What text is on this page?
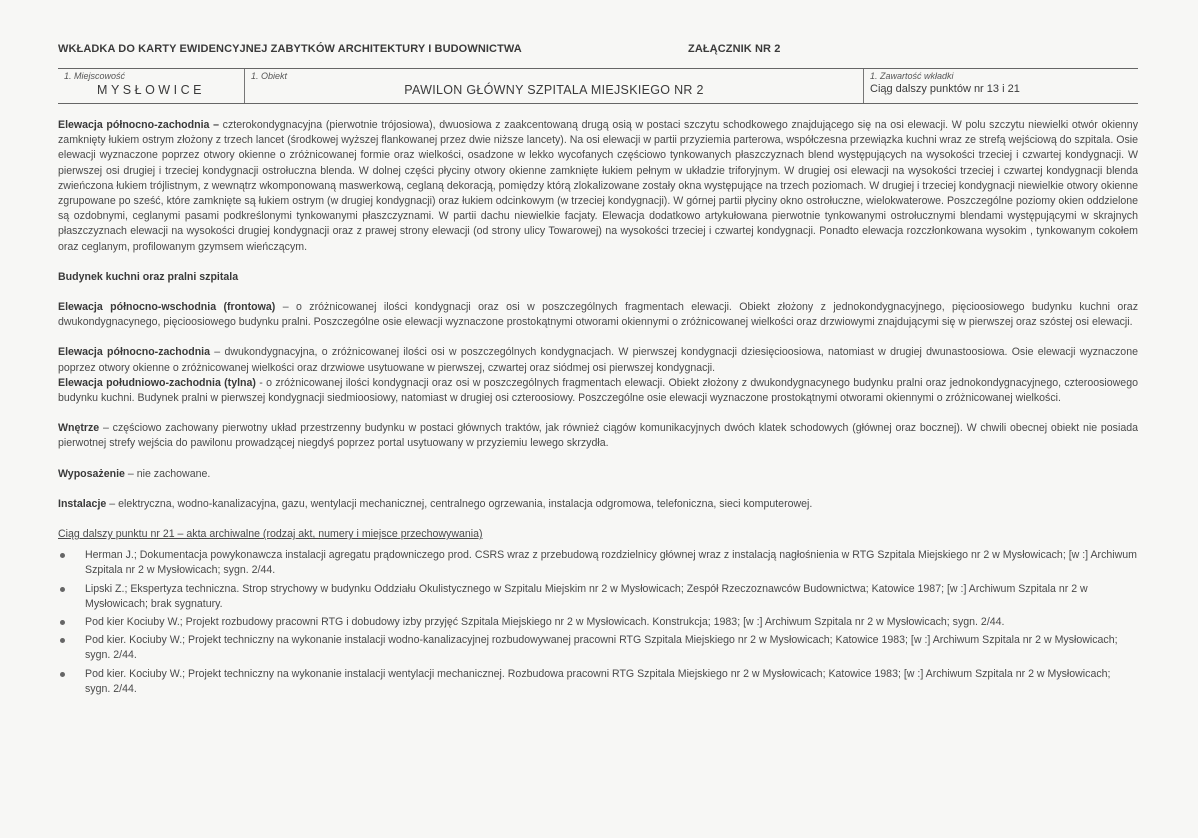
WKŁADKA DO KARTY EWIDENCYJNEJ ZABYTKÓW ARCHITEKTURY I BUDOWNICTWA	ZAŁĄCZNIK NR 2
1. Miejscowość
MYSŁOWICE
1. Obiekt
PAWILON GŁÓWNY SZPITALA MIEJSKIEGO NR 2
1. Zawartość wkładki
Ciąg dalszy punktów nr 13 i 21

Elewacja północno-zachodnia – czterokondygnacyjna (pierwotnie trójosiowa), dwuosiowa z zaakcentowaną drugą osią w postaci szczytu schodkowego znajdującego się na osi elewacji. W polu szczytu niewielki otwór okienny zamknięty łukiem ostrym złożony z trzech lancet (środkowej wyższej flankowanej przez dwie niższe lancety). Na osi elewacji w partii przyziemia parterowa, współczesna przewiązka kuchni wraz ze strefą wejściową do szpitala. Osie elewacji wyznaczone poprzez otwory okienne o zróżnicowanej formie oraz wielkości, osadzone w lekko wycofanych częściowo tynkowanych płaszczyznach blend występujących na wysokości trzeciej i czwartej kondygnacji. W pierwszej osi drugiej i trzeciej kondygnacji ostrołuczna blenda. W dolnej części płyciny otwory okienne zamknięte łukiem pełnym w układzie triforyjnym. W drugiej osi elewacji na wysokości trzeciej i czwartej kondygnacji blenda zwieńczona łukiem trójlistnym, z wewnątrz wkomponowaną maswerkową, ceglaną dekoracją, pomiędzy którą zlokalizowane zostały okna występujące na trzech poziomach. W drugiej i trzeciej kondygnacji niewielkie otwory okienne zgrupowane po sześć, które zamknięte są łukiem ostrym (w drugiej kondygnacji) oraz łukiem odcinkowym (w trzeciej kondygnacji). W górnej partii płyciny okno ostrołuczne, wielokwaterowe. Poszczególne poziomy okien oddzielone są ozdobnymi, ceglanymi pasami podkreślonymi tynkowanymi płaszczyznami. W partii dachu niewielkie facjaty. Elewacja dodatkowo artykułowana pierwotnie tynkowanymi ostrołucznymi blendami występującymi w skrajnych płaszczyznach elewacji na wysokości drugiej kondygnacji oraz z prawej strony elewacji (od strony ulicy Towarowej) na wysokości trzeciej i czwartej kondygnacji. Ponadto elewacja rozczłonkowana wysokim , tynkowanym cokołem oraz ceglanym, profilowanym gzymsem wieńczącym.

Budynek kuchni oraz pralni szpitala

Elewacja północno-wschodnia (frontowa) – o zróżnicowanej ilości kondygnacji oraz osi w poszczególnych fragmentach elewacji. Obiekt złożony z jednokondygnacyjnego, pięcioosiowego budynku kuchni oraz dwukondygnacynego, pięcioosiowego budynku pralni. Poszczególne osie elewacji wyznaczone prostokątnymi otworami okiennymi o zróżnicowanej wielkości oraz drzwiowymi znajdującymi się w pierwszej oraz szóstej osi elewacji.

Elewacja północno-zachodnia – dwukondygnacyjna, o zróżnicowanej ilości osi w poszczególnych kondygnacjach. W pierwszej kondygnacji dziesięcioosiowa, natomiast w drugiej dwunastoosiowa. Osie elewacji wyznaczone poprzez otwory okienne o zróżnicowanej wielkości oraz drzwiowe usytuowane w pierwszej, czwartej oraz siódmej osi pierwszej kondygnacji.

Elewacja południowo-zachodnia (tylna) - o zróżnicowanej ilości kondygnacji oraz osi w poszczególnych fragmentach elewacji. Obiekt złożony z dwukondygnacynego budynku pralni oraz jednokondygnacyjnego, czteroosiowego budynku kuchni. Budynek pralni w pierwszej kondygnacji siedmioosiowy, natomiast w drugiej osi czteroosiowy. Poszczególne osie elewacji wyznaczone prostokątnymi otworami okiennymi o zróżnicowanej wielkości.

Wnętrze – częściowo zachowany pierwotny układ przestrzenny budynku w postaci głównych traktów, jak również ciągów komunikacyjnych dwóch klatek schodowych (głównej oraz bocznej). W chwili obecnej obiekt nie posiada pierwotnej strefy wejścia do pawilonu prowadzącej niegdyś poprzez portal usytuowany w przyziemiu lewego skrzydła.

Wyposażenie – nie zachowane.

Instalacje – elektryczna, wodno-kanalizacyjna, gazu, wentylacji mechanicznej, centralnego ogrzewania, instalacja odgromowa, telefoniczna, sieci komputerowej.

Ciąg dalszy punktu nr 21 – akta archiwalne (rodzaj akt, numery i miejsce przechowywania)

Herman J.; Dokumentacja powykonawcza instalacji agregatu prądowniczego prod. CSRS wraz z przebudową rozdzielnicy głównej wraz z instalacją nagłośnienia w RTG Szpitala Miejskiego nr 2 w Mysłowicach; [w :] Archiwum Szpitala nr 2 w Mysłowicach; sygn. 2/44.
Lipski Z.; Ekspertyza techniczna. Strop strychowy w budynku Oddziału Okulistycznego w Szpitalu Miejskim nr 2 w Mysłowicach; Zespół Rzeczoznawców Budownictwa; Katowice 1987; [w :] Archiwum Szpitala nr 2 w Mysłowicach; brak sygnatury.
Pod kier Kociuby W.; Projekt rozbudowy pracowni RTG i dobudowy izby przyjęć Szpitala Miejskiego nr 2 w Mysłowicach. Konstrukcja; 1983; [w :] Archiwum Szpitala nr 2 w Mysłowicach; sygn. 2/44.
Pod kier. Kociuby W.; Projekt techniczny na wykonanie instalacji wodno-kanalizacyjnej rozbudowywanej pracowni RTG Szpitala Miejskiego nr 2 w Mysłowicach; Katowice 1983; [w :] Archiwum Szpitala nr 2 w Mysłowicach; sygn. 2/44.
Pod kier. Kociuby W.; Projekt techniczny na wykonanie instalacji wentylacji mechanicznej. Rozbudowa pracowni RTG Szpitala Miejskiego nr 2 w Mysłowicach; Katowice 1983; [w :] Archiwum Szpitala nr 2 w Mysłowicach; sygn. 2/44.
